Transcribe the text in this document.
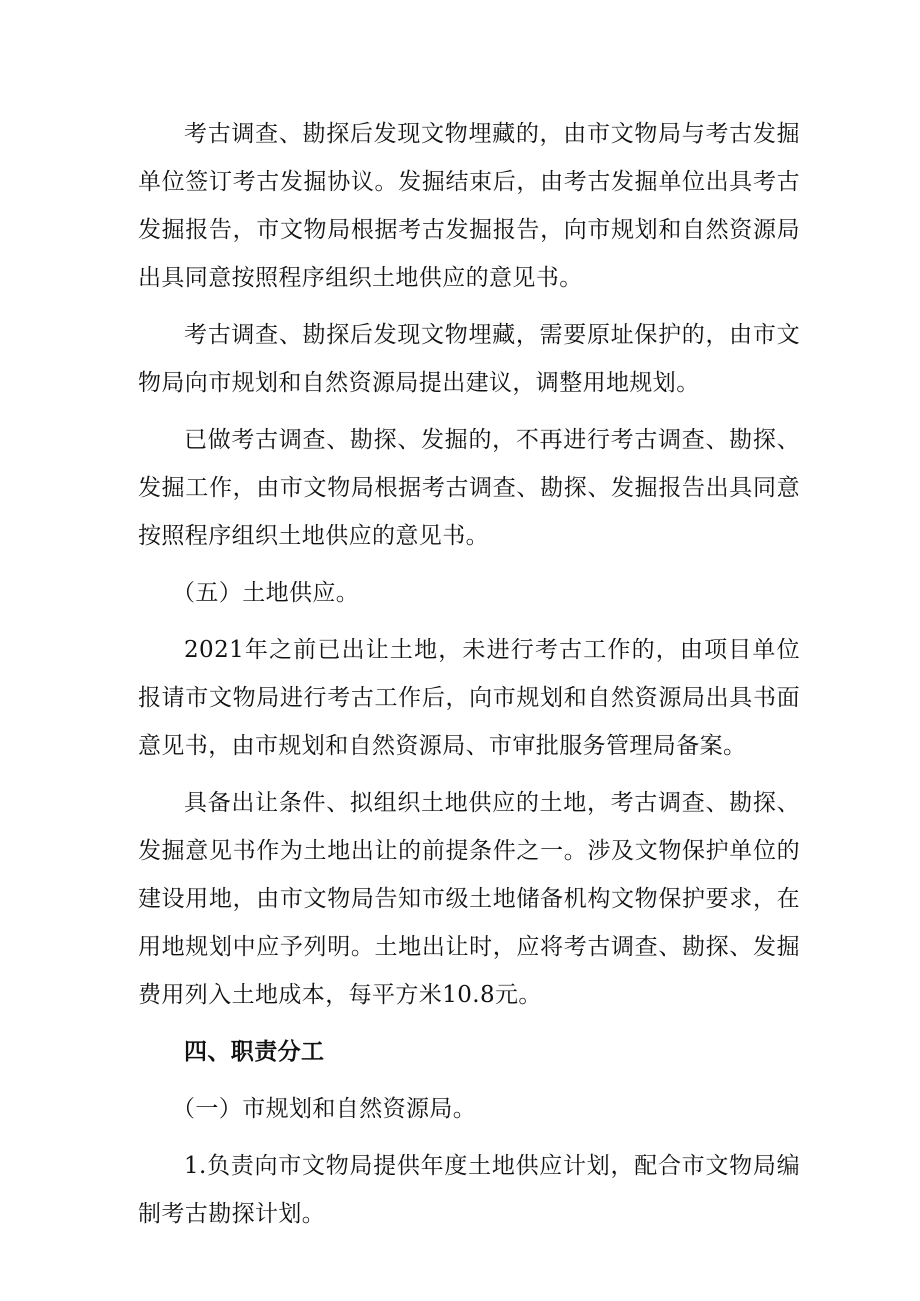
考古调查、勘探后发现文物埋藏的，由市文物局与考古发掘单位签订考古发掘协议。发掘结束后，由考古发掘单位出具考古发掘报告，市文物局根据考古发掘报告，向市规划和自然资源局出具同意按照程序组织土地供应的意见书。

考古调查、勘探后发现文物埋藏，需要原址保护的，由市文物局向市规划和自然资源局提出建议，调整用地规划。

已做考古调查、勘探、发掘的，不再进行考古调查、勘探、发掘工作，由市文物局根据考古调查、勘探、发掘报告出具同意按照程序组织土地供应的意见书。

（五）土地供应。

2021年之前已出让土地，未进行考古工作的，由项目单位报请市文物局进行考古工作后，向市规划和自然资源局出具书面意见书，由市规划和自然资源局、市审批服务管理局备案。

具备出让条件、拟组织土地供应的土地，考古调查、勘探、发掘意见书作为土地出让的前提条件之一。涉及文物保护单位的建设用地，由市文物局告知市级土地储备机构文物保护要求，在用地规划中应予列明。土地出让时，应将考古调查、勘探、发掘费用列入土地成本，每平方米10.8元。

四、职责分工

（一）市规划和自然资源局。

1.负责向市文物局提供年度土地供应计划，配合市文物局编制考古勘探计划。
